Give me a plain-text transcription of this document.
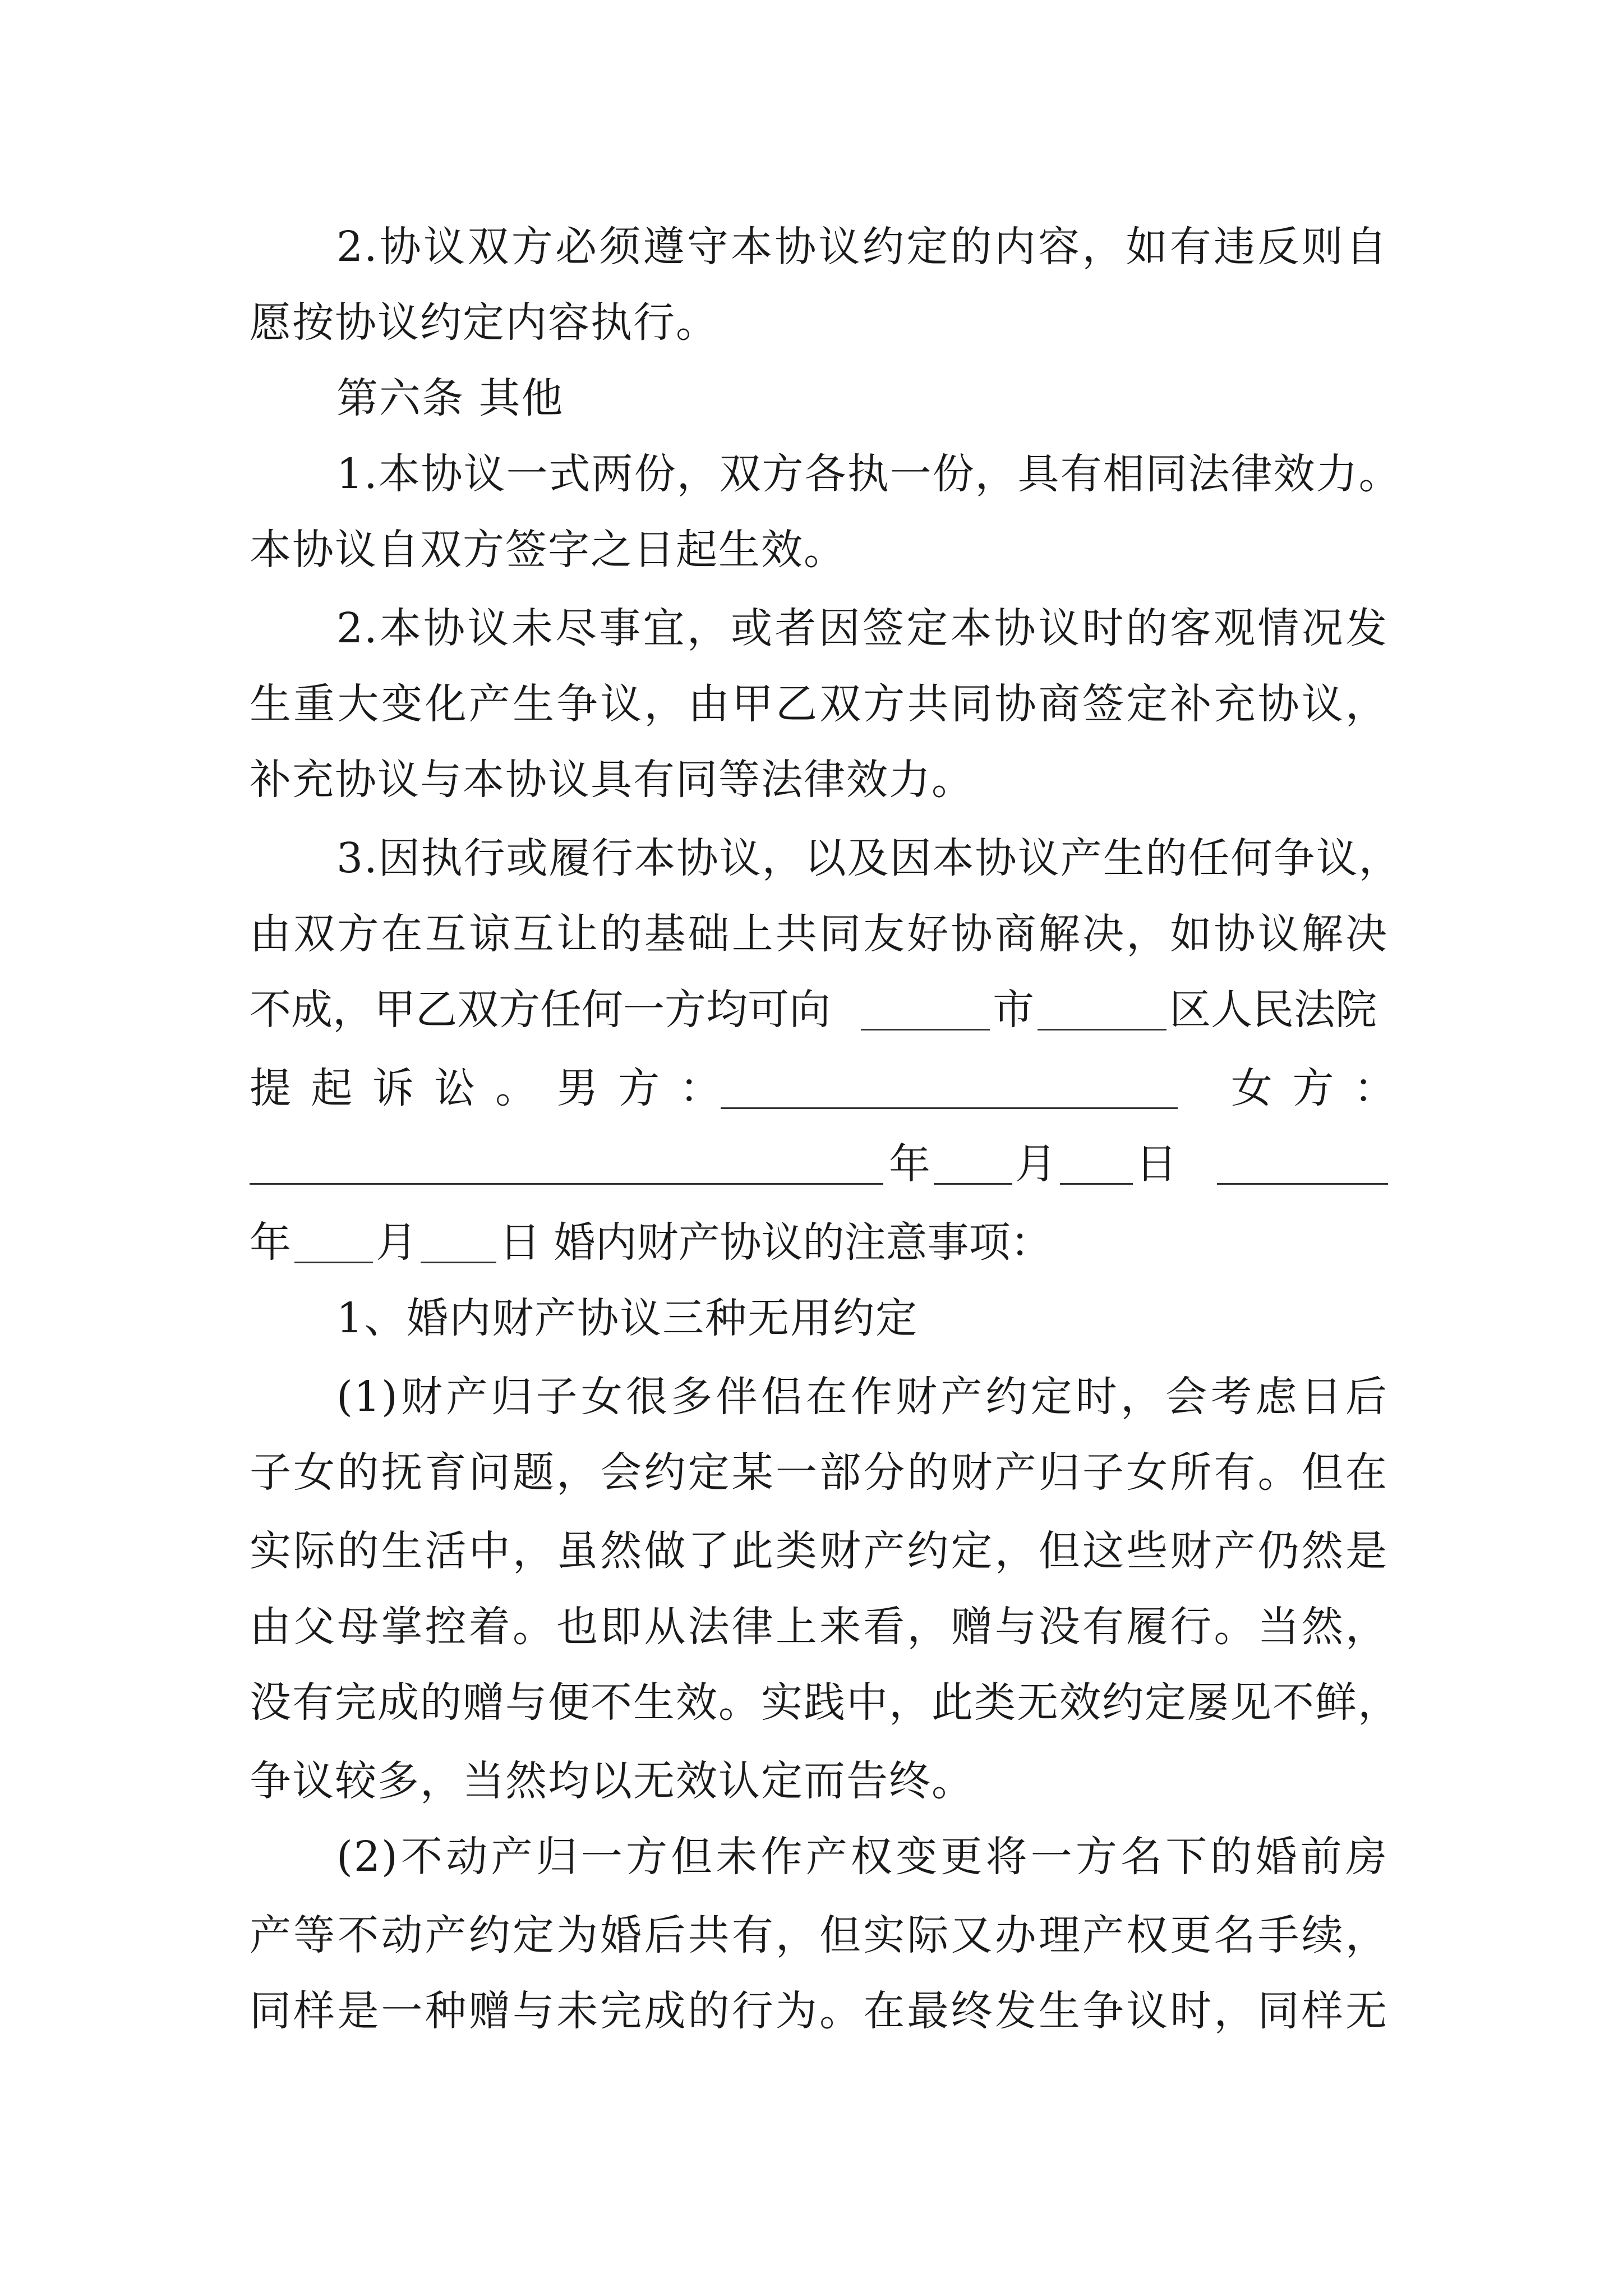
2.协议双方必须遵守本协议约定的内容，如有违反则自
愿按协议约定内容执行。
第六条 其他
1.本协议一式两份，双方各执一份，具有相同法律效力。
本协议自双方签字之日起生效。
2.本协议未尽事宜，或者因签定本协议时的客观情况发
生重大变化产生争议，由甲乙双方共同协商签定补充协议，
补充协议与本协议具有同等法律效力。
3.因执行或履行本协议，以及因本协议产生的任何争议，
由双方在互谅互让的基础上共同友好协商解决，如协议解决
不成，甲乙双方任何一方均可向	市	区人民法院
提 起 诉 讼 。 男 方 ：	女 方 ：
年 月 日
年 月 日 婚内财产协议的注意事项：
1、婚内财产协议三种无用约定
(1)财产归子女很多伴侣在作财产约定时，会考虑日后
子女的抚育问题，会约定某一部分的财产归子女所有。但在
实际的生活中，虽然做了此类财产约定，但这些财产仍然是
由父母掌控着。也即从法律上来看，赠与没有履行。当然，
没有完成的赠与便不生效。实践中，此类无效约定屡见不鲜，
争议较多，当然均以无效认定而告终。
(2)不动产归一方但未作产权变更将一方名下的婚前房
产等不动产约定为婚后共有，但实际又办理产权更名手续，
同样是一种赠与未完成的行为。在最终发生争议时，同样无
